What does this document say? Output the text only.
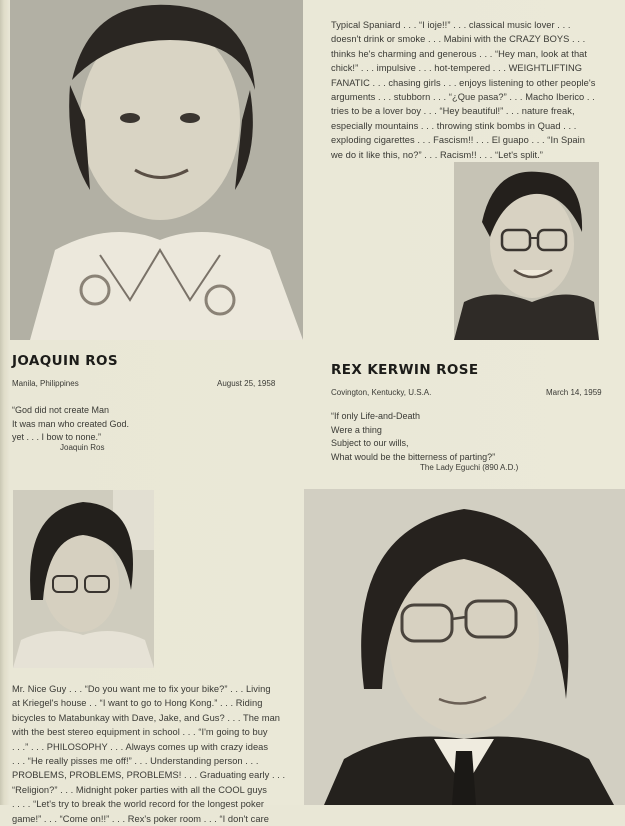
Typical Spaniard . . . “I ioje!!” . . . classical music lover . . .
doesn't drink or smoke . . . Mabini with the CRAZY BOYS . . .
thinks he's charming and generous . . . “Hey man, look at that
chick!” . . . impulsive . . . hot-tempered . . . WEIGHTLIFTING
FANATIC . . . chasing girls . . . enjoys listening to other people's
arguments . . . stubborn . . . “¿Que pasa?” . . . Macho Iberico . .
tries to be a lover boy . . . “Hey beautiful!” . . . nature freak,
especially mountains . . . throwing stink bombs in Quad . . .
exploding cigarettes . . . Fascism!! . . . El guapo . . . “In Spain
we do it like this, no?” . . . Racism!! . . . “Let's split.”
JOAQUIN ROS
Manila, Philippines	August 25, 1958
“God did not create Man
It was man who created God.
yet . . . I bow to none.”
Joaquin Ros
REX KERWIN ROSE
Covington, Kentucky, U.S.A.	March 14, 1959
“If only Life-and-Death
Were a thing
Subject to our wills,
What would be the bitterness of parting?”
The Lady Eguchi (890 A.D.)
Mr. Nice Guy . . . “Do you want me to fix your bike?” . . . Living
at Kriegel's house . . “I want to go to Hong Kong.” . . . Riding
bicycles to Matabunkay with Dave, Jake, and Gus? . . . The man
with the best stereo equipment in school . . . “I'm going to buy
. . .” . . . PHILOSOPHY . . . Always comes up with crazy ideas
. . . “He really pisses me off!” . . . Understanding person . . .
PROBLEMS, PROBLEMS, PROBLEMS! . . . Graduating early . . .
“Religion?” . . . Midnight poker parties with all the COOL guys
. . . . “Let's try to break the world record for the longest poker
game!” . . . “Come on!!” . . . Rex's poker room . . . “I don't care
